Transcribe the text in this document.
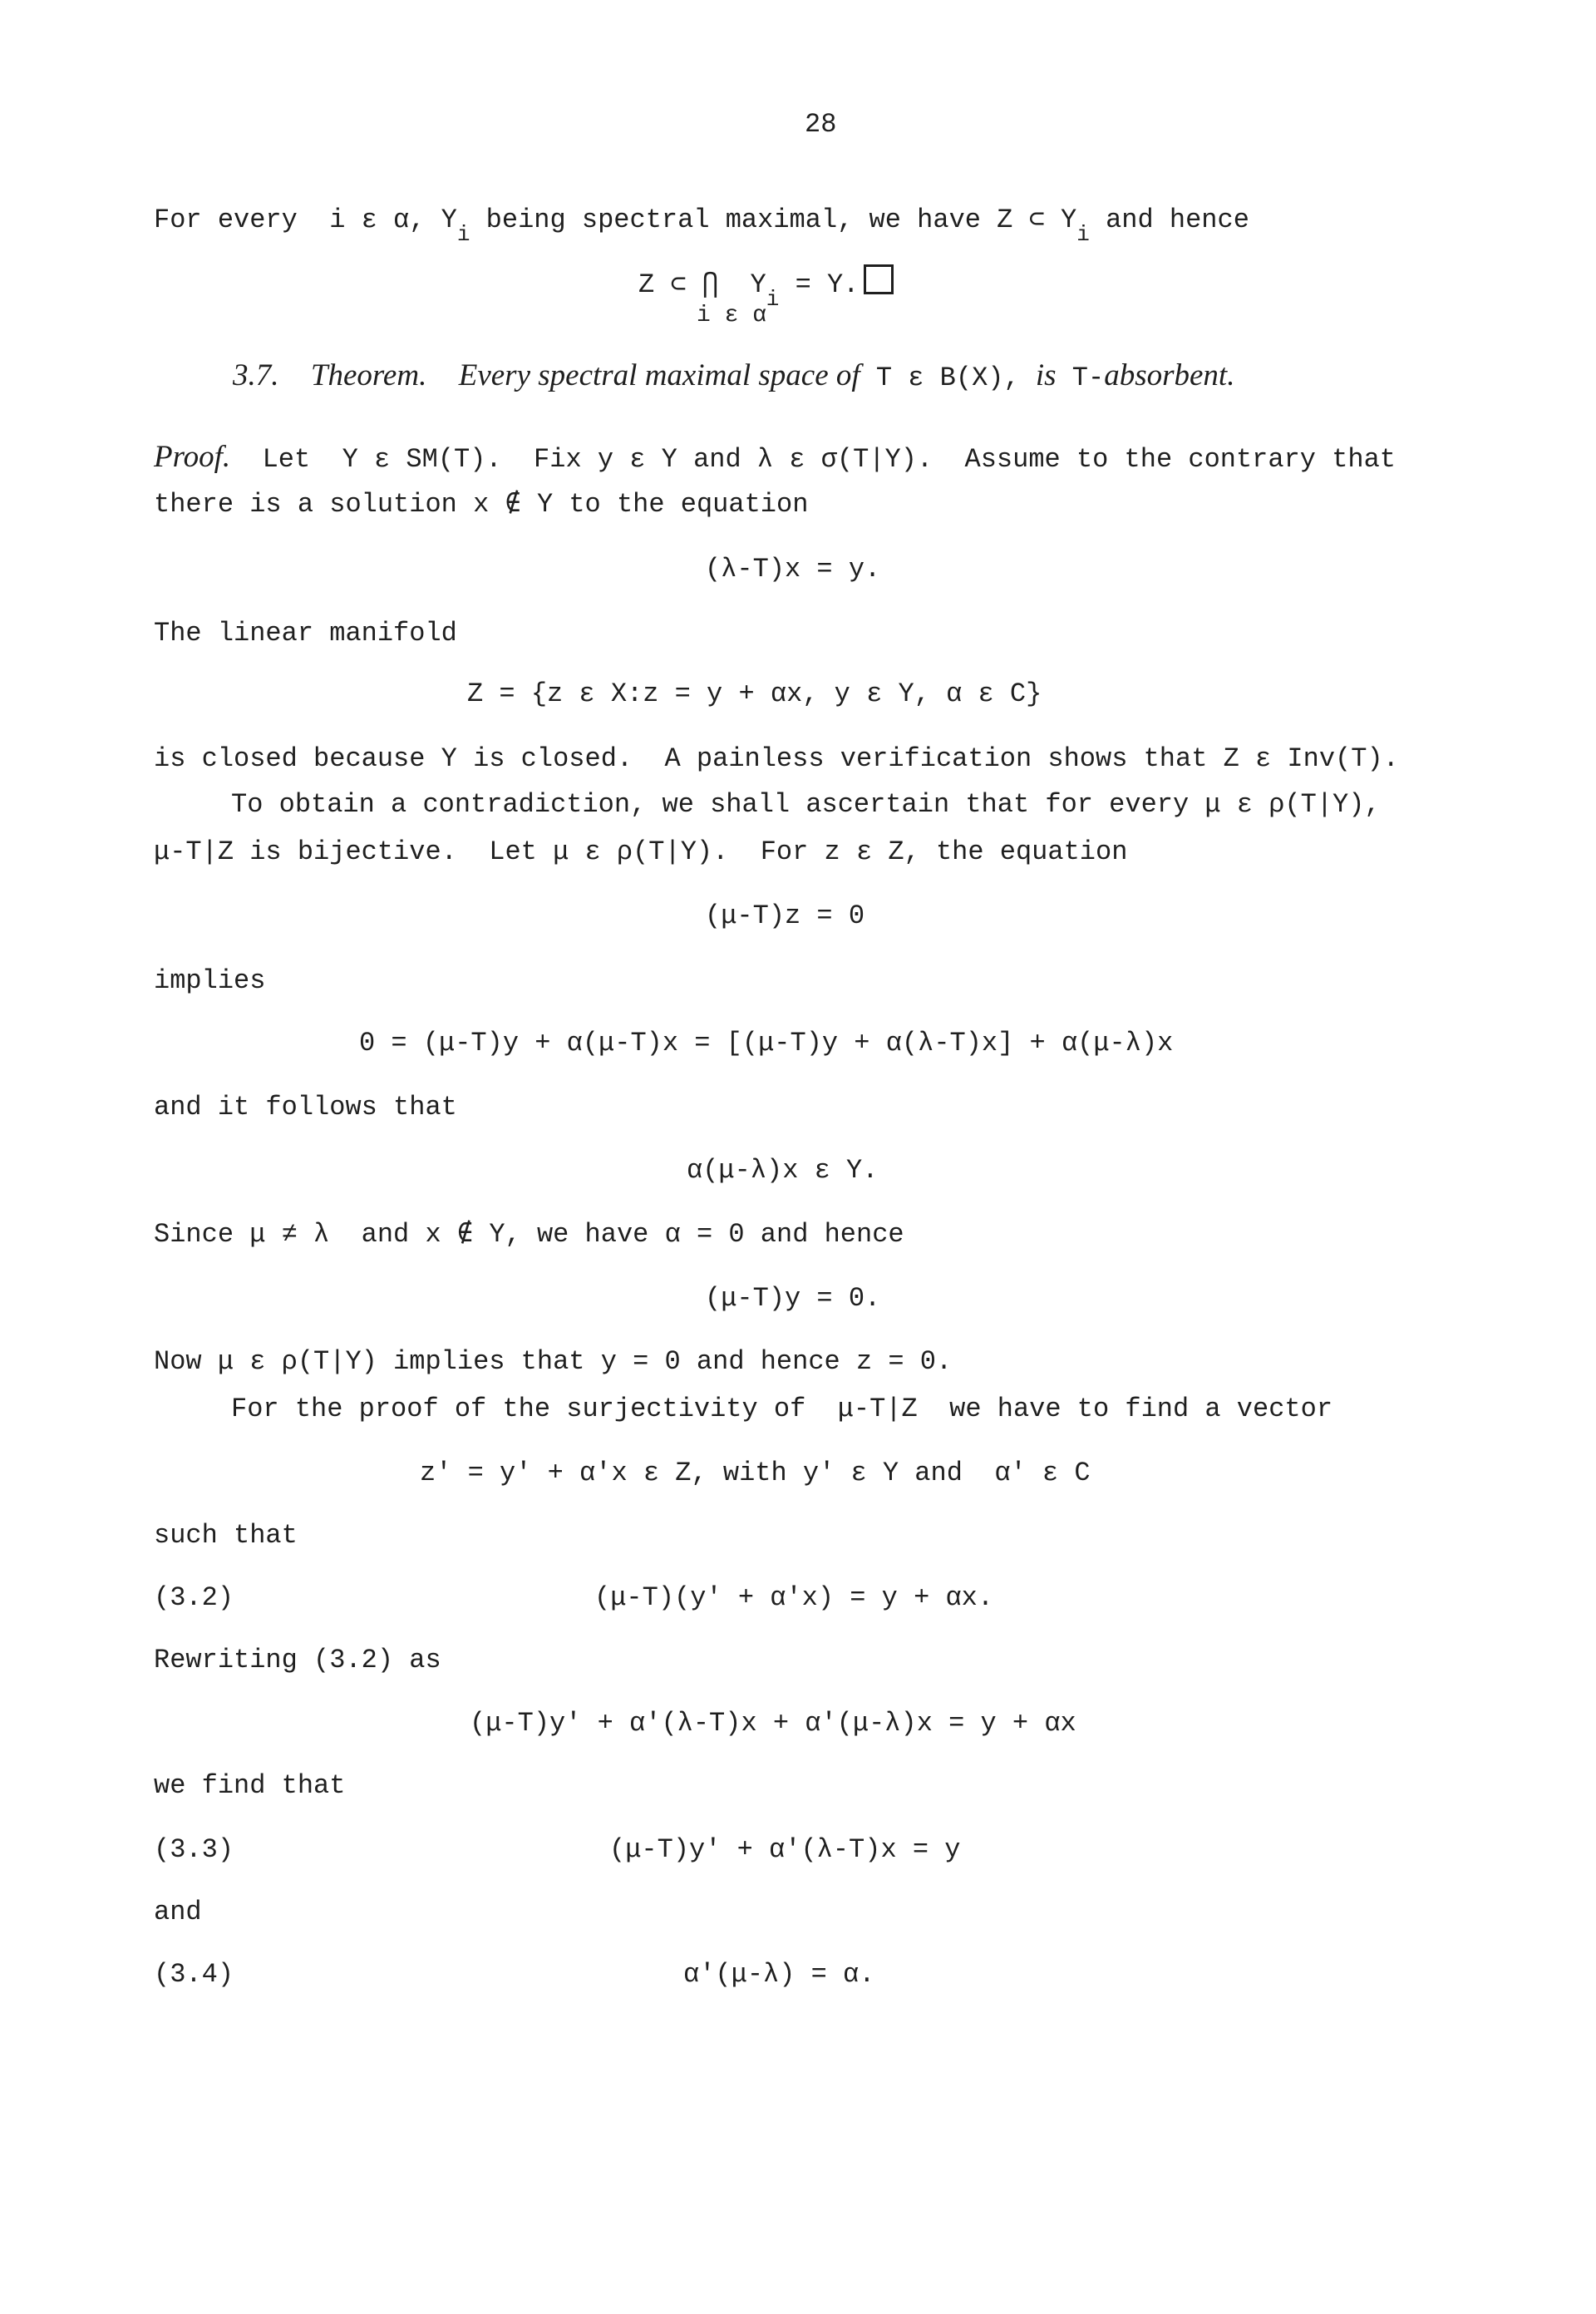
28
For every  i ε α, $Y_i$ being spectral maximal, we have Z ⊂ $Y_i$ and hence
Z ⊂ ⋂  $Y_i = Y$.
i ε α
3.7. Theorem. Every spectral maximal space of T ε B(X), is T-absorbent.
Proof.  Let  Y ε SM(T).  Fix y ε Y and λ ε σ(T|Y).  Assume to the contrary that
there is a solution x ∉ Y to the equation
(λ-T)x = y.
The linear manifold
Z = {z ε X:z = y + αx, y ε Y, α ε C}
is closed because Y is closed.  A painless verification shows that Z ε Inv(T).
To obtain a contradiction, we shall ascertain that for every μ ε ρ(T|Y),
μ-T|Z is bijective.  Let μ ε ρ(T|Y).  For z ε Z, the equation
(μ-T)z = 0
implies
0 = (μ-T)y + α(μ-T)x = [(μ-T)y + α(λ-T)x] + α(μ-λ)x
and it follows that
α(μ-λ)x ε Y.
Since μ ≠ λ  and x ∉ Y, we have α = 0 and hence
(μ-T)y = 0.
Now μ ε ρ(T|Y) implies that y = 0 and hence z = 0.
For the proof of the surjectivity of  μ-T|Z  we have to find a vector
z' = y' + α'x ε Z, with y' ε Y and  α' ε C
such that
(3.2)	(μ-T)(y' + α'x) = y + αx.
Rewriting (3.2) as
(μ-T)y' + α'(λ-T)x + α'(μ-λ)x = y + αx
we find that
(3.3)	(μ-T)y' + α'(λ-T)x = y
and
(3.4)	α'(μ-λ) = α.
